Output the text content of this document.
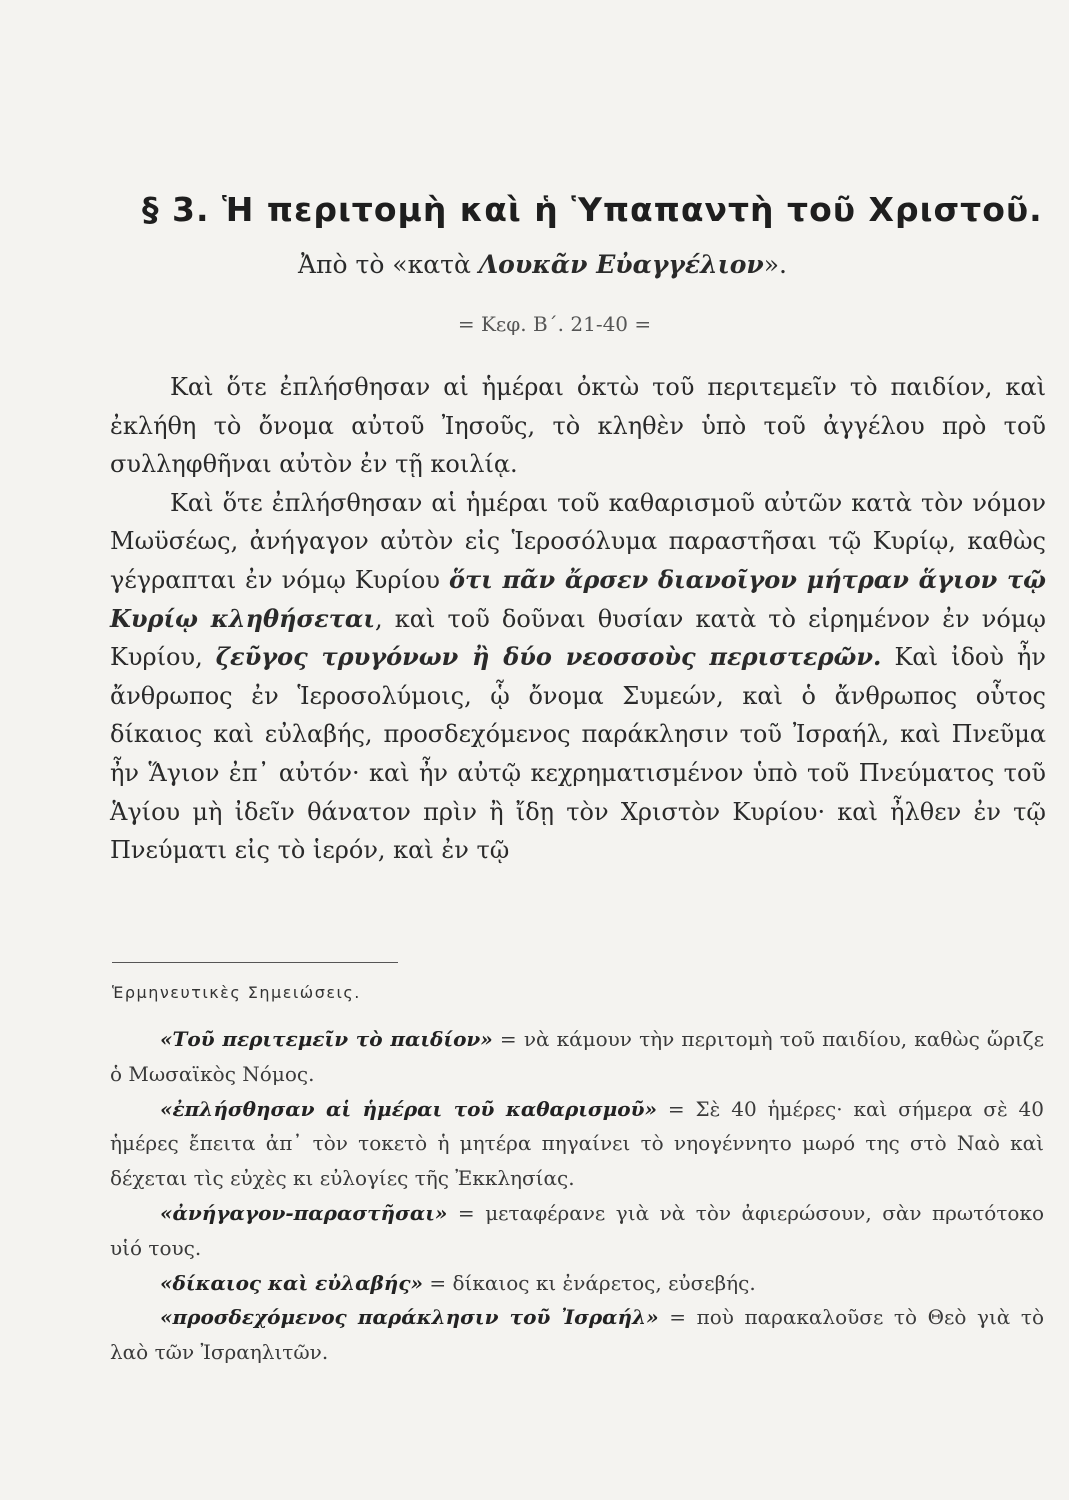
§ 3. Ἡ περιτομὴ καὶ ἡ Ὑπαπαντὴ τοῦ Χριστοῦ.
Ἀπὸ τὸ «κατὰ Λουκᾶν Εὐαγγέλιον».
= Κεφ. Β΄. 21-40 =

Καὶ ὅτε ἐπλήσθησαν αἱ ἡμέραι ὀκτὼ τοῦ περιτεμεῖν τὸ παιδίον, καὶ ἐκλήθη τὸ ὄνομα αὐτοῦ Ἰησοῦς, τὸ κληθὲν ὑπὸ τοῦ ἀγγέλου πρὸ τοῦ συλληφθῆναι αὐτὸν ἐν τῇ κοιλίᾳ.

Καὶ ὅτε ἐπλήσθησαν αἱ ἡμέραι τοῦ καθαρισμοῦ αὐτῶν κατὰ τὸν νόμον Μωϋσέως, ἀνήγαγον αὐτὸν εἰς Ἱεροσόλυμα παραστῆσαι τῷ Κυρίῳ, καθὼς γέγραπται ἐν νόμῳ Κυρίου ὅτι πᾶν ἄρσεν διανοῖγον μήτραν ἅγιον τῷ Κυρίῳ κληθήσεται, καὶ τοῦ δοῦναι θυσίαν κατὰ τὸ εἰρημένον ἐν νόμῳ Κυρίου, ζεῦγος τρυγόνων ἢ δύο νεοσσοὺς περιστερῶν. Καὶ ἰδοὺ ἦν ἄνθρωπος ἐν Ἱεροσολύμοις, ᾧ ὄνομα Συμεών, καὶ ὁ ἄνθρωπος οὗτος δίκαιος καὶ εὐλαβής, προσδεχόμενος παράκλησιν τοῦ Ἰσραήλ, καὶ Πνεῦμα ἦν Ἅγιον ἐπ᾽ αὐτόν· καὶ ἦν αὐτῷ κεχρηματισμένον ὑπὸ τοῦ Πνεύματος τοῦ Ἁγίου μὴ ἰδεῖν θάνατον πρὶν ἢ ἴδῃ τὸν Χριστὸν Κυρίου· καὶ ἦλθεν ἐν τῷ Πνεύματι εἰς τὸ ἱερόν, καὶ ἐν τῷ

Ἑρμηνευτικὲς Σημειώσεις.

«Τοῦ περιτεμεῖν τὸ παιδίον» = νὰ κάμουν τὴν περιτομὴ τοῦ παιδίου, καθὼς ὥριζε ὁ Μωσαϊκὸς Νόμος.

«ἐπλήσθησαν αἱ ἡμέραι τοῦ καθαρισμοῦ» = Σὲ 40 ἡμέρες· καὶ σήμερα σὲ 40 ἡμέρες ἔπειτα ἀπ᾽ τὸν τοκετὸ ἡ μητέρα πηγαίνει τὸ νηογέννητο μωρό της στὸ Ναὸ καὶ δέχεται τὶς εὐχὲς κι εὐλογίες τῆς Ἐκκλησίας.

«ἀνήγαγον-παραστῆσαι» = μεταφέρανε γιὰ νὰ τὸν ἀφιερώσουν, σὰν πρωτότοκο υἱό τους.

«δίκαιος καὶ εὐλαβής» = δίκαιος κι ἐνάρετος, εὐσεβής.

«προσδεχόμενος παράκλησιν τοῦ Ἰσραήλ» = ποὺ παρακαλοῦσε τὸ Θεὸ γιὰ τὸ λαὸ τῶν Ἰσραηλιτῶν.
